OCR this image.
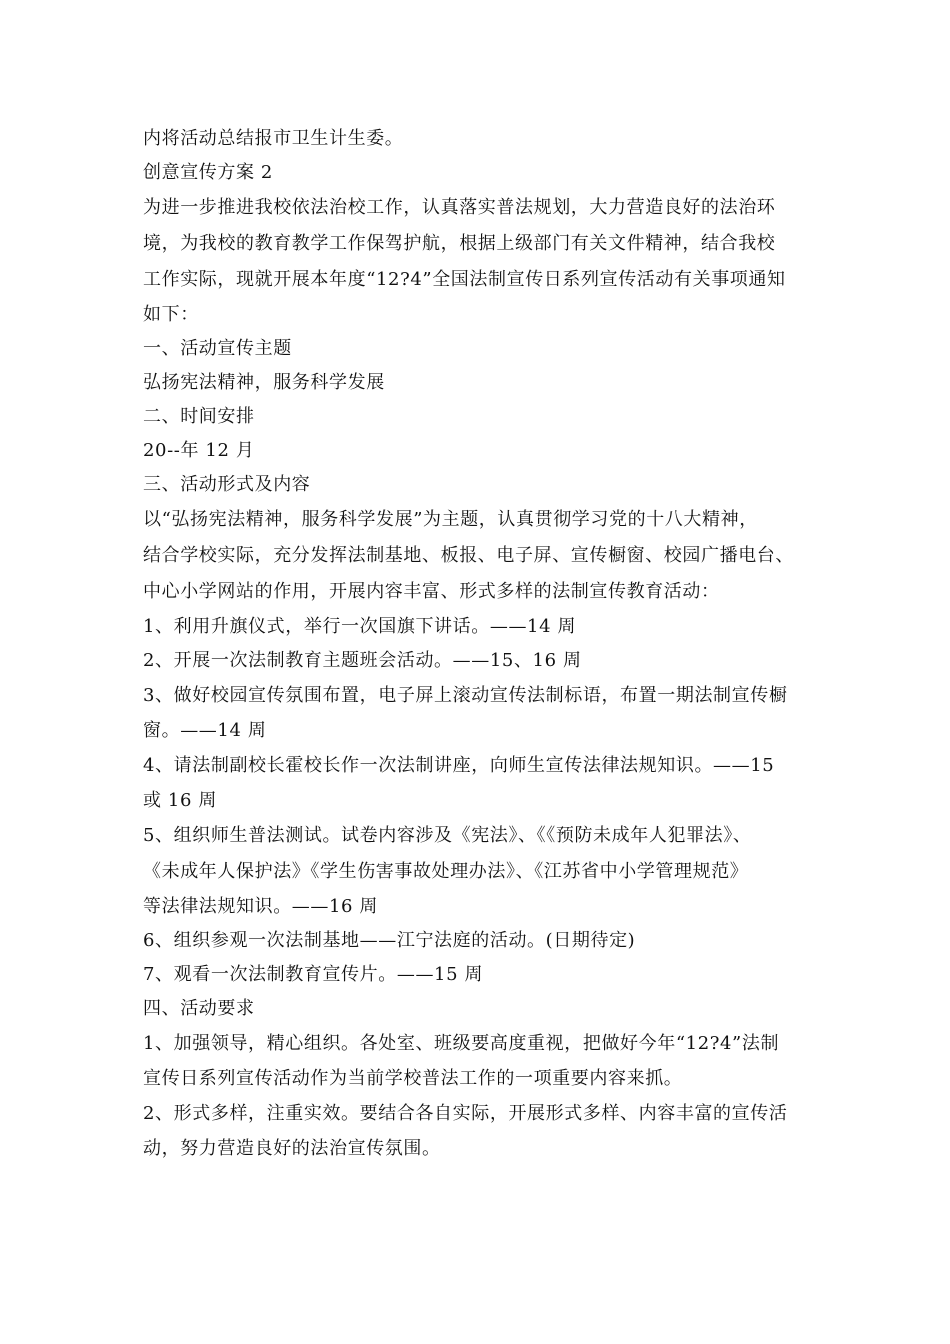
内将活动总结报市卫生计生委。
创意宣传方案 2
为进一步推进我校依法治校工作，认真落实普法规划，大力营造良好的法治环
境，为我校的教育教学工作保驾护航，根据上级部门有关文件精神，结合我校
工作实际，现就开展本年度“12?4”全国法制宣传日系列宣传活动有关事项通知
如下：
一、活动宣传主题
弘扬宪法精神，服务科学发展
二、时间安排
20--年 12 月
三、活动形式及内容
以“弘扬宪法精神，服务科学发展”为主题，认真贯彻学习党的十八大精神，
结合学校实际，充分发挥法制基地、板报、电子屏、宣传橱窗、校园广播电台、
中心小学网站的作用，开展内容丰富、形式多样的法制宣传教育活动：
1、利用升旗仪式，举行一次国旗下讲话。——14 周
2、开展一次法制教育主题班会活动。——15、16 周
3、做好校园宣传氛围布置，电子屏上滚动宣传法制标语，布置一期法制宣传橱
窗。——14 周
4、请法制副校长霍校长作一次法制讲座，向师生宣传法律法规知识。——15
或 16 周
5、组织师生普法测试。试卷内容涉及《宪法》、《《预防未成年人犯罪法》、
《未成年人保护法》《学生伤害事故处理办法》、《江苏省中小学管理规范》
等法律法规知识。——16 周
6、组织参观一次法制基地——江宁法庭的活动。(日期待定)
7、观看一次法制教育宣传片。——15 周
四、活动要求
1、加强领导，精心组织。各处室、班级要高度重视，把做好今年“12?4”法制
宣传日系列宣传活动作为当前学校普法工作的一项重要内容来抓。
2、形式多样，注重实效。要结合各自实际，开展形式多样、内容丰富的宣传活
动，努力营造良好的法治宣传氛围。
